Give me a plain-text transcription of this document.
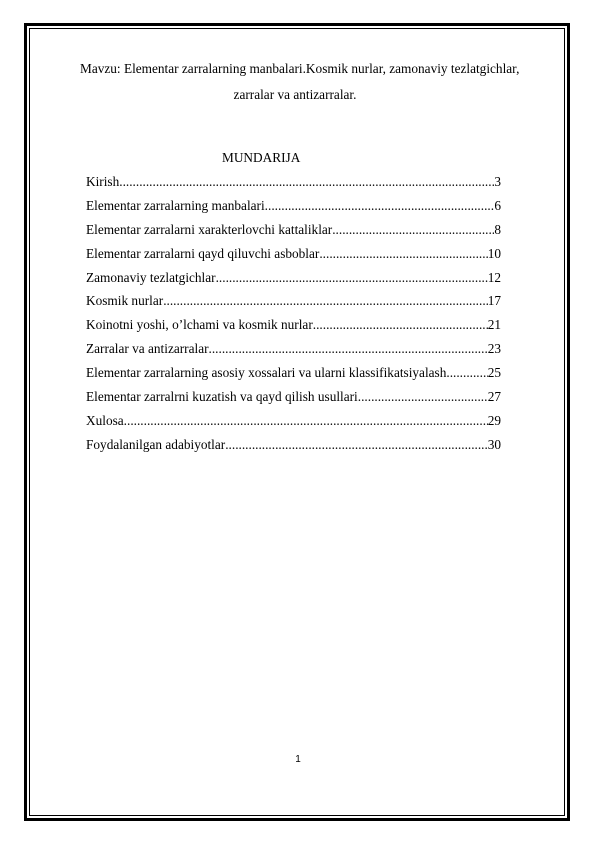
Mavzu: Elementar zarralarning manbalari.Kosmik nurlar, zamonaviy tezlatgichlar,
zarralar va antizarralar.
MUNDARIJA
Kirish .....	3
Elementar zarralarning manbalari .....	6
Elementar zarralarni xarakterlovchi kattaliklar .....	8
Elementar zarralarni qayd qiluvchi asboblar .....	10
Zamonaviy tezlatgichlar .....	12
Kosmik nurlar .....	17
Koinotni yoshi, o’lchami va kosmik nurlar .....	21
Zarralar va antizarralar .....	23
Elementar zarralarning asosiy xossalari va ularni klassifikatsiyalash .....	25
Elementar zarralrni kuzatish va qayd qilish usullari .....	27
Xulosa .....	29
Foydalanilgan adabiyotlar .....	30
1
